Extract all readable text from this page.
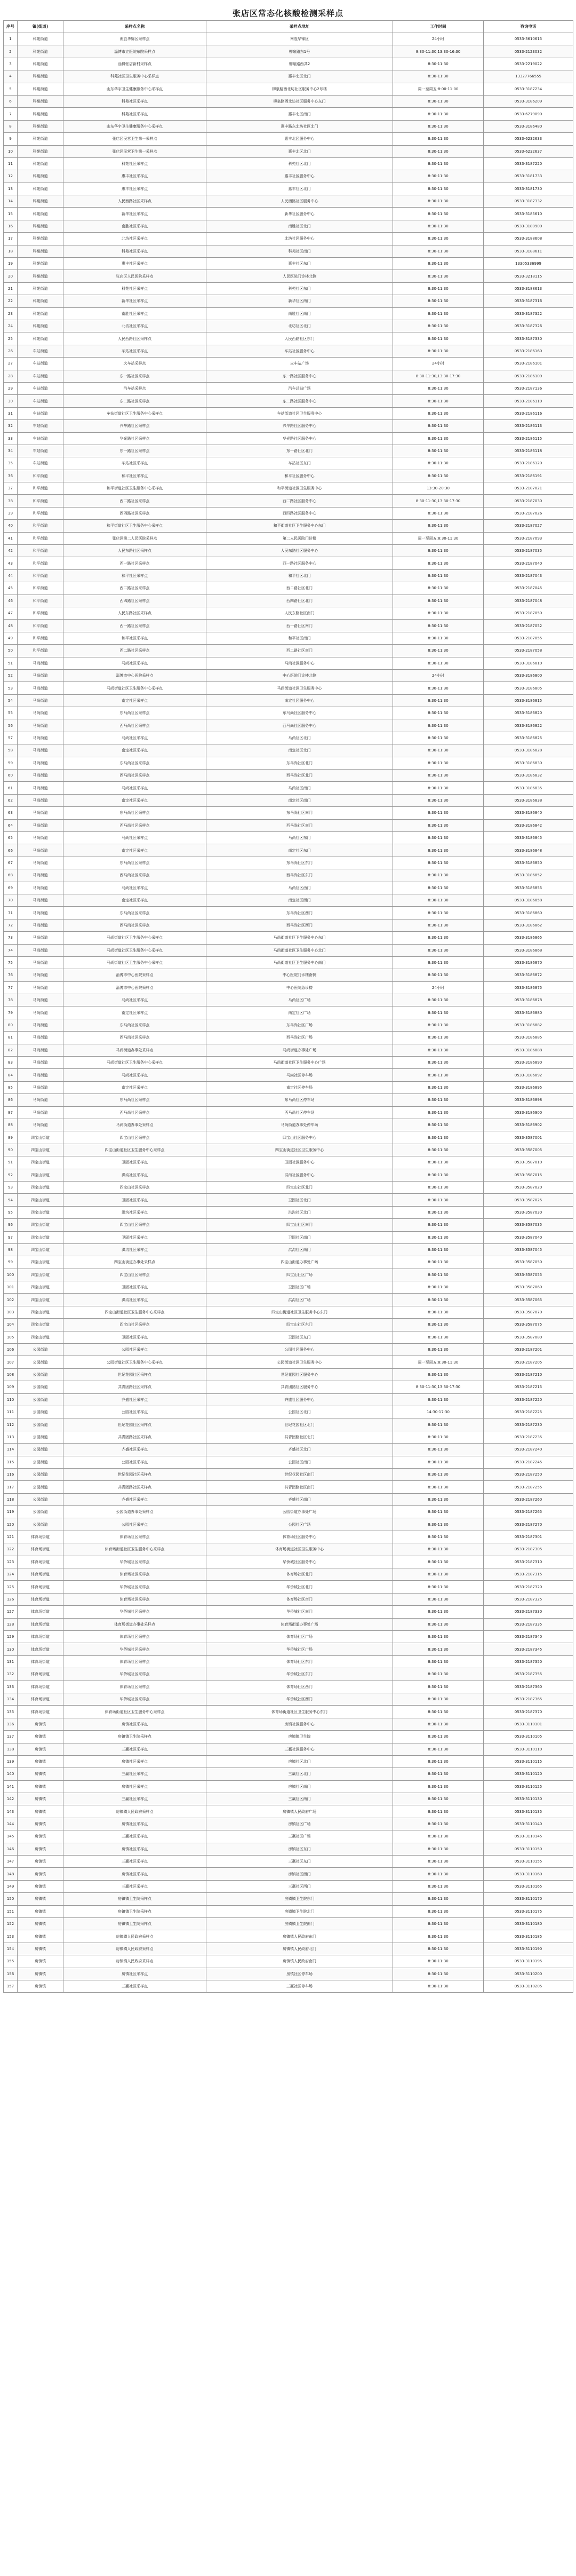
张店区常态化核酸检测采样点
序号	镇(街道)	采样点名称	采样点地址	工作时间	咨询电话
1	科苑街道	南胜华锦区采样点	南胜华锦区	24小时	0533-3610615
2	科苑街道	淄博市立医院东院采样点	柳泉路东1号	8:30-11:30,13:30-16:30	0533-2123032
3	科苑街道	淄博张店新村采样点	柳泉路西共2	8:30-11:30	0533-2219022
4	科苑街道	科苑社区卫生服务中心采样点	惠丰北区北门	8:30-11:30	13327766555
5	科苑街道	山东华宇卫生健康服务中心采样点	柳泉路西北坊社区服务中心2号楼	周一至周五:8:00-11:00	0533-3187234
6	科苑街道	科苑社区采样点	柳泉路西北坊社区服务中心东门	8:30-11:30	0533-3186209
7	科苑街道	科苑社区采样点	惠丰北区南门	8:30-11:30	0533-6279090
8	科苑街道	山东华宇卫生健康服务中心采样点	惠丰路东北坊社区北门	8:30-11:30	0533-3186480
9	科苑街道	张店区民营卫生第一采样点	惠丰北区服务中心	8:30-11:30	0533-6232633
10	科苑街道	张店区民营卫生第一采样点	惠丰北区北门	8:30-11:30	0533-6232637
11	科苑街道	科苑社区采样点	科苑社区北门	8:30-11:30	0533-3187220
12	科苑街道	惠丰社区采样点	惠丰社区服务中心	8:30-11:30	0533-3181733
13	科苑街道	惠丰社区采样点	惠丰社区北门	8:30-11:30	0533-3181730
14	科苑街道	人民西路社区采样点	人民西路社区服务中心	8:30-11:30	0533-3187332
15	科苑街道	新华社区采样点	新华社区服务中心	8:30-11:30	0533-3185610
16	科苑街道	南胜社区采样点	南胜社区北门	8:30-11:30	0533-3180900
17	科苑街道	北坊社区采样点	北坊社区服务中心	8:30-11:30	0533-3188608
18	科苑街道	科苑社区采样点	科苑社区南门	8:30-11:30	0533-3188611
19	科苑街道	惠丰社区采样点	惠丰社区东门	8:30-11:30	13305336999
20	科苑街道	张店区人民医院采样点	人民医院门诊楼北侧	8:30-11:30	0533-3218115
21	科苑街道	科苑社区采样点	科苑社区东门	8:30-11:30	0533-3188613
22	科苑街道	新华社区采样点	新华社区南门	8:30-11:30	0533-3187316
23	科苑街道	南胜社区采样点	南胜社区南门	8:30-11:30	0533-3187322
24	科苑街道	北坊社区采样点	北坊社区北门	8:30-11:30	0533-3187326
25	科苑街道	人民西路社区采样点	人民西路社区东门	8:30-11:30	0533-3187330
26	车站街道	车站社区采样点	车站社区服务中心	8:30-11:30	0533-2186160
27	车站街道	火车站采样点	火车站广场	24小时	0533-2186101
28	车站街道	东一路社区采样点	东一路社区服务中心	8:30-11:30,13:30-17:30	0533-2186109
29	车站街道	汽车站采样点	汽车总站广场	8:30-11:30	0533-2187136
30	车站街道	东二路社区采样点	东二路社区服务中心	8:30-11:30	0533-2186110
31	车站街道	车站街道社区卫生服务中心采样点	车站街道社区卫生服务中心	8:30-11:30	0533-2186116
32	车站街道	兴华路社区采样点	兴华路社区服务中心	8:30-11:30	0533-2186113
33	车站街道	华光路社区采样点	华光路社区服务中心	8:30-11:30	0533-2186115
34	车站街道	东一路社区采样点	东一路社区北门	8:30-11:30	0533-2186118
35	车站街道	车站社区采样点	车站社区东门	8:30-11:30	0533-2186120
36	和平街道	和平社区采样点	和平社区服务中心	8:30-11:30	0533-2186191
37	和平街道	和平街道社区卫生服务中心采样点	和平街道社区卫生服务中心	13:30-20:30	0533-2187021
38	和平街道	西二路社区采样点	西二路社区服务中心	8:30-11:30,13:30-17:30	0533-2187030
39	和平街道	西四路社区采样点	西四路社区服务中心	8:30-11:30	0533-2187026
40	和平街道	和平街道社区卫生服务中心采样点	和平街道社区卫生服务中心东门	8:30-11:30	0533-2187027
41	和平街道	张店区第二人民医院采样点	第二人民医院门诊楼	周一至周五:8:30-11:30	0533-2187093
42	和平街道	人民东路社区采样点	人民东路社区服务中心	8:30-11:30	0533-2187035
43	和平街道	西一路社区采样点	西一路社区服务中心	8:30-11:30	0533-2187040
44	和平街道	和平社区采样点	和平社区北门	8:30-11:30	0533-2187043
45	和平街道	西二路社区采样点	西二路社区北门	8:30-11:30	0533-2187045
46	和平街道	西四路社区采样点	西四路社区北门	8:30-11:30	0533-2187048
47	和平街道	人民东路社区采样点	人民东路社区南门	8:30-11:30	0533-2187050
48	和平街道	西一路社区采样点	西一路社区南门	8:30-11:30	0533-2187052
49	和平街道	和平社区采样点	和平社区南门	8:30-11:30	0533-2187055
50	和平街道	西二路社区采样点	西二路社区南门	8:30-11:30	0533-2187058
51	马尚街道	马尚社区采样点	马尚社区服务中心	8:30-11:30	0533-3186810
52	马尚街道	淄博市中心医院采样点	中心医院门诊楼北侧	24小时	0533-3186800
53	马尚街道	马尚街道社区卫生服务中心采样点	马尚街道社区卫生服务中心	8:30-11:30	0533-3186805
54	马尚街道	南定社区采样点	南定社区服务中心	8:30-11:30	0533-3186815
55	马尚街道	东马尚社区采样点	东马尚社区服务中心	8:30-11:30	0533-3186820
56	马尚街道	西马尚社区采样点	西马尚社区服务中心	8:30-11:30	0533-3186822
57	马尚街道	马尚社区采样点	马尚社区北门	8:30-11:30	0533-3186825
58	马尚街道	南定社区采样点	南定社区北门	8:30-11:30	0533-3186828
59	马尚街道	东马尚社区采样点	东马尚社区北门	8:30-11:30	0533-3186830
60	马尚街道	西马尚社区采样点	西马尚社区北门	8:30-11:30	0533-3186832
61	马尚街道	马尚社区采样点	马尚社区南门	8:30-11:30	0533-3186835
62	马尚街道	南定社区采样点	南定社区南门	8:30-11:30	0533-3186838
63	马尚街道	东马尚社区采样点	东马尚社区南门	8:30-11:30	0533-3186840
64	马尚街道	西马尚社区采样点	西马尚社区南门	8:30-11:30	0533-3186842
65	马尚街道	马尚社区采样点	马尚社区东门	8:30-11:30	0533-3186845
66	马尚街道	南定社区采样点	南定社区东门	8:30-11:30	0533-3186848
67	马尚街道	东马尚社区采样点	东马尚社区东门	8:30-11:30	0533-3186850
68	马尚街道	西马尚社区采样点	西马尚社区东门	8:30-11:30	0533-3186852
69	马尚街道	马尚社区采样点	马尚社区西门	8:30-11:30	0533-3186855
70	马尚街道	南定社区采样点	南定社区西门	8:30-11:30	0533-3186858
71	马尚街道	东马尚社区采样点	东马尚社区西门	8:30-11:30	0533-3186860
72	马尚街道	西马尚社区采样点	西马尚社区西门	8:30-11:30	0533-3186862
73	马尚街道	马尚街道社区卫生服务中心采样点	马尚街道社区卫生服务中心东门	8:30-11:30	0533-3186865
74	马尚街道	马尚街道社区卫生服务中心采样点	马尚街道社区卫生服务中心北门	8:30-11:30	0533-3186868
75	马尚街道	马尚街道社区卫生服务中心采样点	马尚街道社区卫生服务中心南门	8:30-11:30	0533-3186870
76	马尚街道	淄博市中心医院采样点	中心医院门诊楼南侧	8:30-11:30	0533-3186872
77	马尚街道	淄博市中心医院采样点	中心医院急诊楼	24小时	0533-3186875
78	马尚街道	马尚社区采样点	马尚社区广场	8:30-11:30	0533-3186878
79	马尚街道	南定社区采样点	南定社区广场	8:30-11:30	0533-3186880
80	马尚街道	东马尚社区采样点	东马尚社区广场	8:30-11:30	0533-3186882
81	马尚街道	西马尚社区采样点	西马尚社区广场	8:30-11:30	0533-3186885
82	马尚街道	马尚街道办事处采样点	马尚街道办事处广场	8:30-11:30	0533-3186888
83	马尚街道	马尚街道社区卫生服务中心采样点	马尚街道社区卫生服务中心广场	8:30-11:30	0533-3186890
84	马尚街道	马尚社区采样点	马尚社区停车场	8:30-11:30	0533-3186892
85	马尚街道	南定社区采样点	南定社区停车场	8:30-11:30	0533-3186895
86	马尚街道	东马尚社区采样点	东马尚社区停车场	8:30-11:30	0533-3186898
87	马尚街道	西马尚社区采样点	西马尚社区停车场	8:30-11:30	0533-3186900
88	马尚街道	马尚街道办事处采样点	马尚街道办事处停车场	8:30-11:30	0533-3186902
89	四宝山街道	四宝山社区采样点	四宝山社区服务中心	8:30-11:30	0533-3587001
90	四宝山街道	四宝山街道社区卫生服务中心采样点	四宝山街道社区卫生服务中心	8:30-11:30	0533-3587005
91	四宝山街道	卫固社区采样点	卫固社区服务中心	8:30-11:30	0533-3587010
92	四宝山街道	洪沟社区采样点	洪沟社区服务中心	8:30-11:30	0533-3587015
93	四宝山街道	四宝山社区采样点	四宝山社区北门	8:30-11:30	0533-3587020
94	四宝山街道	卫固社区采样点	卫固社区北门	8:30-11:30	0533-3587025
95	四宝山街道	洪沟社区采样点	洪沟社区北门	8:30-11:30	0533-3587030
96	四宝山街道	四宝山社区采样点	四宝山社区南门	8:30-11:30	0533-3587035
97	四宝山街道	卫固社区采样点	卫固社区南门	8:30-11:30	0533-3587040
98	四宝山街道	洪沟社区采样点	洪沟社区南门	8:30-11:30	0533-3587045
99	四宝山街道	四宝山街道办事处采样点	四宝山街道办事处广场	8:30-11:30	0533-3587050
100	四宝山街道	四宝山社区采样点	四宝山社区广场	8:30-11:30	0533-3587055
101	四宝山街道	卫固社区采样点	卫固社区广场	8:30-11:30	0533-3587060
102	四宝山街道	洪沟社区采样点	洪沟社区广场	8:30-11:30	0533-3587065
103	四宝山街道	四宝山街道社区卫生服务中心采样点	四宝山街道社区卫生服务中心东门	8:30-11:30	0533-3587070
104	四宝山街道	四宝山社区采样点	四宝山社区东门	8:30-11:30	0533-3587075
105	四宝山街道	卫固社区采样点	卫固社区东门	8:30-11:30	0533-3587080
106	公园街道	公园社区采样点	公园社区服务中心	8:30-11:30	0533-2187201
107	公园街道	公园街道社区卫生服务中心采样点	公园街道社区卫生服务中心	周一至周五:8:30-11:30	0533-2187205
108	公园街道	世纪花园社区采样点	世纪花园社区服务中心	8:30-11:30	0533-2187210
109	公园街道	共青团路社区采样点	共青团路社区服务中心	8:30-11:30,13:30-17:30	0533-2187215
110	公园街道	齐盛社区采样点	齐盛社区服务中心	8:30-11:30	0533-2187220
111	公园街道	公园社区采样点	公园社区北门	14:30-17:30	0533-2187225
112	公园街道	世纪花园社区采样点	世纪花园社区北门	8:30-11:30	0533-2187230
113	公园街道	共青团路社区采样点	共青团路社区北门	8:30-11:30	0533-2187235
114	公园街道	齐盛社区采样点	齐盛社区北门	8:30-11:30	0533-2187240
115	公园街道	公园社区采样点	公园社区南门	8:30-11:30	0533-2187245
116	公园街道	世纪花园社区采样点	世纪花园社区南门	8:30-11:30	0533-2187250
117	公园街道	共青团路社区采样点	共青团路社区南门	8:30-11:30	0533-2187255
118	公园街道	齐盛社区采样点	齐盛社区南门	8:30-11:30	0533-2187260
119	公园街道	公园街道办事处采样点	公园街道办事处广场	8:30-11:30	0533-2187265
120	公园街道	公园社区采样点	公园社区广场	8:30-11:30	0533-2187270
121	体育场街道	体育场社区采样点	体育场社区服务中心	8:30-11:30	0533-2187301
122	体育场街道	体育场街道社区卫生服务中心采样点	体育场街道社区卫生服务中心	8:30-11:30	0533-2187305
123	体育场街道	华侨城社区采样点	华侨城社区服务中心	8:30-11:30	0533-2187310
124	体育场街道	体育场社区采样点	体育场社区北门	8:30-11:30	0533-2187315
125	体育场街道	华侨城社区采样点	华侨城社区北门	8:30-11:30	0533-2187320
126	体育场街道	体育场社区采样点	体育场社区南门	8:30-11:30	0533-2187325
127	体育场街道	华侨城社区采样点	华侨城社区南门	8:30-11:30	0533-2187330
128	体育场街道	体育场街道办事处采样点	体育场街道办事处广场	8:30-11:30	0533-2187335
129	体育场街道	体育场社区采样点	体育场社区广场	8:30-11:30	0533-2187340
130	体育场街道	华侨城社区采样点	华侨城社区广场	8:30-11:30	0533-2187345
131	体育场街道	体育场社区采样点	体育场社区东门	8:30-11:30	0533-2187350
132	体育场街道	华侨城社区采样点	华侨城社区东门	8:30-11:30	0533-2187355
133	体育场街道	体育场社区采样点	体育场社区西门	8:30-11:30	0533-2187360
134	体育场街道	华侨城社区采样点	华侨城社区西门	8:30-11:30	0533-2187365
135	体育场街道	体育场街道社区卫生服务中心采样点	体育场街道社区卫生服务中心东门	8:30-11:30	0533-2187370
136	房镇镇	房镇社区采样点	房镇社区服务中心	8:30-11:30	0533-3110101
137	房镇镇	房镇镇卫生院采样点	房镇镇卫生院	8:30-11:30	0533-3110105
138	房镇镇	三赢社区采样点	三赢社区服务中心	8:30-11:30	0533-3110110
139	房镇镇	房镇社区采样点	房镇社区北门	8:30-11:30	0533-3110115
140	房镇镇	三赢社区采样点	三赢社区北门	8:30-11:30	0533-3110120
141	房镇镇	房镇社区采样点	房镇社区南门	8:30-11:30	0533-3110125
142	房镇镇	三赢社区采样点	三赢社区南门	8:30-11:30	0533-3110130
143	房镇镇	房镇镇人民政府采样点	房镇镇人民政府广场	8:30-11:30	0533-3110135
144	房镇镇	房镇社区采样点	房镇社区广场	8:30-11:30	0533-3110140
145	房镇镇	三赢社区采样点	三赢社区广场	8:30-11:30	0533-3110145
146	房镇镇	房镇社区采样点	房镇社区东门	8:30-11:30	0533-3110150
147	房镇镇	三赢社区采样点	三赢社区东门	8:30-11:30	0533-3110155
148	房镇镇	房镇社区采样点	房镇社区西门	8:30-11:30	0533-3110160
149	房镇镇	三赢社区采样点	三赢社区西门	8:30-11:30	0533-3110165
150	房镇镇	房镇镇卫生院采样点	房镇镇卫生院东门	8:30-11:30	0533-3110170
151	房镇镇	房镇镇卫生院采样点	房镇镇卫生院北门	8:30-11:30	0533-3110175
152	房镇镇	房镇镇卫生院采样点	房镇镇卫生院南门	8:30-11:30	0533-3110180
153	房镇镇	房镇镇人民政府采样点	房镇镇人民政府东门	8:30-11:30	0533-3110185
154	房镇镇	房镇镇人民政府采样点	房镇镇人民政府北门	8:30-11:30	0533-3110190
155	房镇镇	房镇镇人民政府采样点	房镇镇人民政府南门	8:30-11:30	0533-3110195
156	房镇镇	房镇社区采样点	房镇社区停车场	8:30-11:30	0533-3110200
157	房镇镇	三赢社区采样点	三赢社区停车场	8:30-11:30	0533-3110205
